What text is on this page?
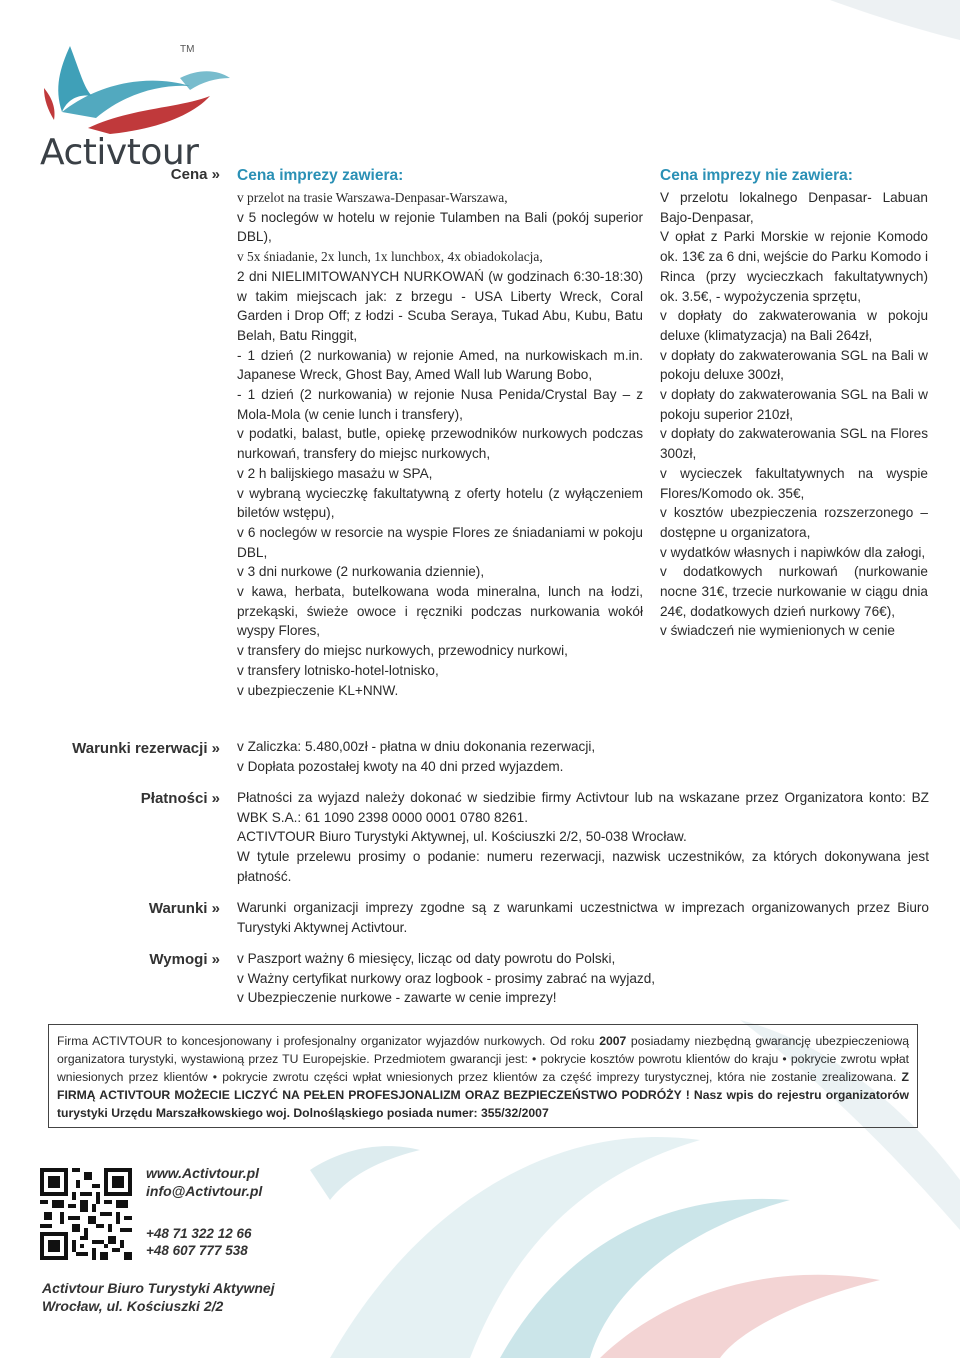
TM
Activtour
Cena » Cena imprezy zawiera:

v przelot na trasie Warszawa-Denpasar-Warszawa,

v 5 noclegów w hotelu w rejonie Tulamben na Bali (pokój superior DBL),

v 5x śniadanie, 2x lunch, 1x lunchbox, 4x obiadokolacja,

2 dni NIELIMITOWANYCH NURKOWAŃ (w godzinach 6:30-18:30) w takim miejscach jak: z brzegu - USA Liberty Wreck, Coral Garden i Drop Off; z łodzi - Scuba Seraya, Tukad Abu, Kubu, Batu Belah, Batu Ringgit,

- 1 dzień (2 nurkowania) w rejonie Amed, na nurkowiskach m.in. Japanese Wreck, Ghost Bay, Amed Wall lub Warung Bobo,

- 1 dzień (2 nurkowania) w rejonie Nusa Penida/Crystal Bay – z Mola-Mola (w cenie lunch i transfery),

v podatki, balast, butle, opiekę przewodników nurkowych podczas nurkowań, transfery do miejsc nurkowych,

v 2 h balijskiego masażu w SPA,

v wybraną wycieczkę fakultatywną z oferty hotelu (z wyłączeniem biletów wstępu),

v 6 noclegów w resorcie na wyspie Flores ze śniadaniami w pokoju DBL,

v 3 dni nurkowe (2 nurkowania dziennie),

v kawa, herbata, butelkowana woda mineralna, lunch na łodzi, przekąski, świeże owoce i ręczniki podczas nurkowania wokół wyspy Flores,

v transfery do miejsc nurkowych, przewodnicy nurkowi,

v transfery lotnisko-hotel-lotnisko,

v ubezpieczenie KL+NNW.

Cena imprezy nie zawiera:

V przelotu lokalnego Denpasar- Labuan Bajo-Denpasar,

V opłat z Parki Morskie w rejonie Komodo ok. 13€ za 6 dni, wejście do Parku Komodo i Rinca (przy wycieczkach fakultatywnych) ok. 3.5€, - wypożyczenia sprzętu,

v dopłaty do zakwaterowania w pokoju deluxe (klimatyzacja) na Bali 264zł,

v dopłaty do zakwaterowania SGL na Bali w pokoju deluxe 300zł,

v dopłaty do zakwaterowania SGL na Bali w pokoju superior 210zł,

v dopłaty do zakwaterowania SGL na Flores 300zł,

v wycieczek fakultatywnych na wyspie Flores/Komodo ok. 35€,

v kosztów ubezpieczenia rozszerzonego – dostępne u organizatora,

v wydatków własnych i napiwków dla załogi,

v dodatkowych nurkowań (nurkowanie nocne 31€, trzecie nurkowanie w ciągu dnia 24€, dodatkowych dzień nurkowy 76€),

v świadczeń nie wymienionych w cenie

Warunki rezerwacji » v Zaliczka: 5.480,00zł - płatna w dniu dokonania rezerwacji,

v Dopłata pozostałej kwoty na 40 dni przed wyjazdem.

Płatności » Płatności za wyjazd należy dokonać w siedzibie firmy Activtour lub na wskazane przez Organizatora konto: BZ WBK S.A.: 61 1090 2398 0000 0001 0780 8261.

ACTIVTOUR Biuro Turystyki Aktywnej, ul. Kościuszki 2/2, 50-038 Wrocław.

W tytule przelewu prosimy o podanie: numeru rezerwacji, nazwisk uczestników, za których dokonywana jest płatność.

Warunki » Warunki organizacji imprezy zgodne są z warunkami uczestnictwa w imprezach organizowanych przez Biuro Turystyki Aktywnej Activtour.

Wymogi » v Paszport ważny 6 miesięcy, licząc od daty powrotu do Polski,

v Ważny certyfikat nurkowy oraz logbook - prosimy zabrać na wyjazd,

v Ubezpieczenie nurkowe - zawarte w cenie imprezy!

Firma ACTIVTOUR to koncesjonowany i profesjonalny organizator wyjazdów nurkowych. Od roku 2007 posiadamy niezbędną gwarancję ubezpieczeniową organizatora turystyki, wystawioną przez TU Europejskie. Przedmiotem gwarancji jest: • pokrycie kosztów powrotu klientów do kraju • pokrycie zwrotu wpłat wniesionych przez klientów • pokrycie zwrotu części wpłat wniesionych przez klientów za część imprezy turystycznej, która nie zostanie zrealizowana. Z FIRMĄ ACTIVTOUR MOŻECIE LICZYĆ NA PEŁEN PROFESJONALIZM ORAZ BEZPIECZEŃSTWO PODRÓŻY ! Nasz wpis do rejestru organizatorów turystyki Urzędu Marszałkowskiego woj. Dolnośląskiego posiada numer: 355/32/2007
www.Activtour.pl
info@Activtour.pl
+48 71 322 12 66
+48 607 777 538
Activtour Biuro Turystyki Aktywnej
Wrocław, ul. Kościuszki 2/2
